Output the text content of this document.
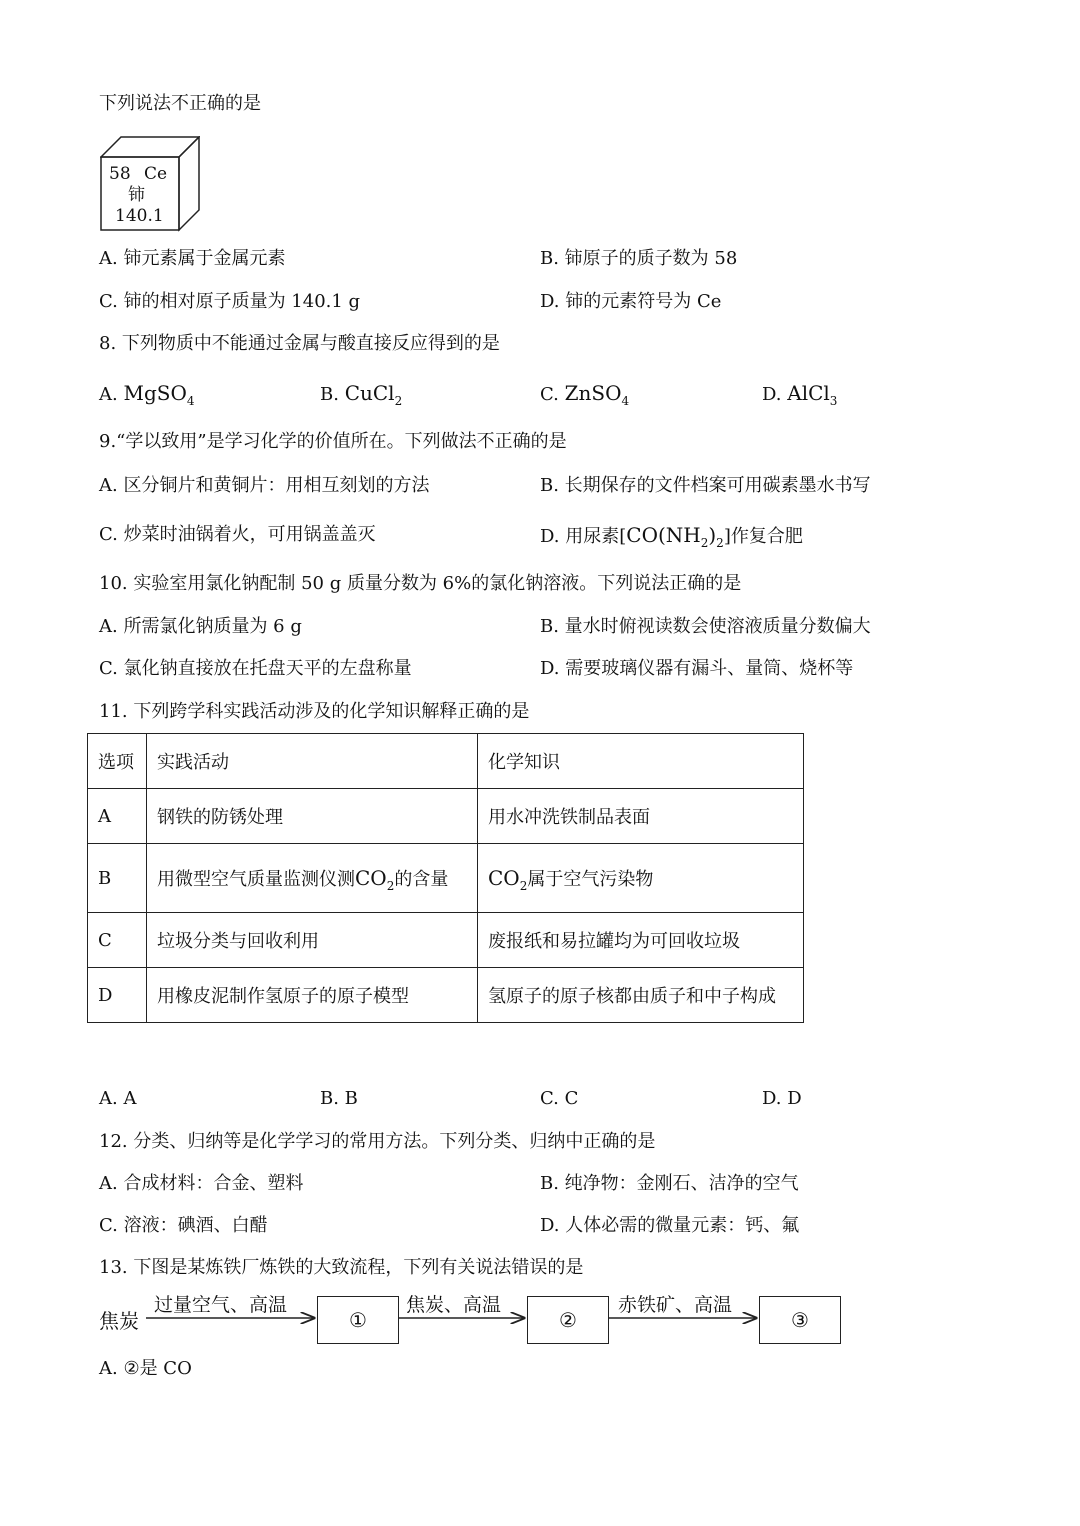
下列说法不正确的是
58 Ce
铈
140.1
A. 铈元素属于金属元素	B. 铈原子的质子数为 58
C. 铈的相对原子质量为 140.1 g	D. 铈的元素符号为 Ce
8. 下列物质中不能通过金属与酸直接反应得到的是
A. MgSO$_4$	B. CuCl$_2$	C. ZnSO$_4$	D. AlCl$_3$
9.“学以致用”是学习化学的价值所在。下列做法不正确的是
A. 区分铜片和黄铜片：用相互刻划的方法	B. 长期保存的文件档案可用碳素墨水书写
C. 炒菜时油锅着火，可用锅盖盖灭	D. 用尿素$[CO(NH_2)_2]$作复合肥
10. 实验室用氯化钠配制 50 g 质量分数为 6%的氯化钠溶液。下列说法正确的是
A. 所需氯化钠质量为 6 g	B. 量水时俯视读数会使溶液质量分数偏大
C. 氯化钠直接放在托盘天平的左盘称量	D. 需要玻璃仪器有漏斗、量筒、烧杯等
11. 下列跨学科实践活动涉及的化学知识解释正确的是
选项	实践活动	化学知识
A	钢铁的防锈处理	用水冲洗铁制品表面
B	用微型空气质量监测仪测$CO_2$的含量	$CO_2$属于空气污染物
C	垃圾分类与回收利用	废报纸和易拉罐均为可回收垃圾
D	用橡皮泥制作氢原子的原子模型	氢原子的原子核都由质子和中子构成
A. A	B. B	C. C	D. D
12. 分类、归纳等是化学学习的常用方法。下列分类、归纳中正确的是
A. 合成材料：合金、塑料	B. 纯净物：金刚石、洁净的空气
C. 溶液：碘酒、白醋	D. 人体必需的微量元素：钙、氟
13. 下图是某炼铁厂炼铁的大致流程，下列有关说法错误的是
焦炭
过量空气、高温	焦炭、高温	赤铁矿、高温
①	②	③
A. ②是 CO
